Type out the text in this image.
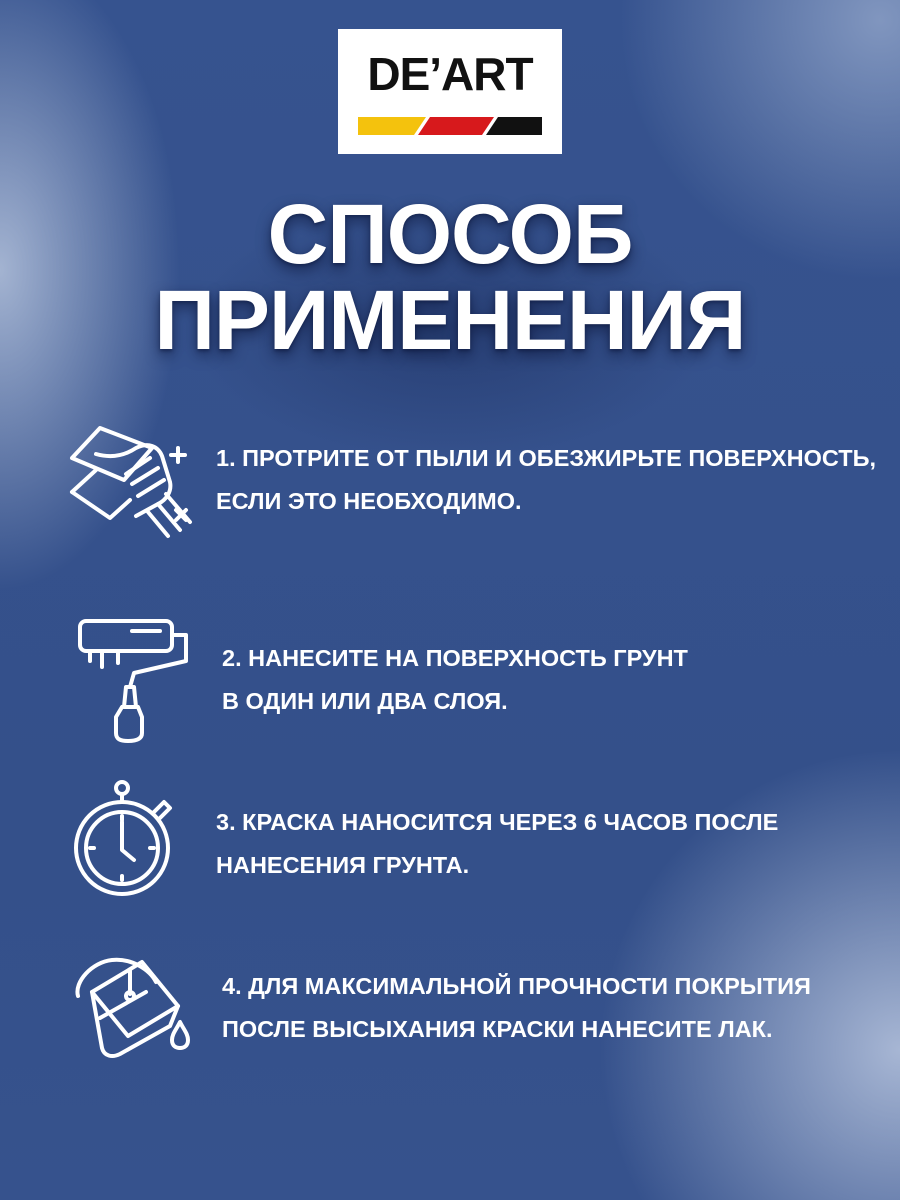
DE’ART
СПОСОБ
ПРИМЕНЕНИЯ
1. ПРОТРИТЕ ОТ ПЫЛИ И ОБЕЗЖИРЬТЕ ПОВЕРХНОСТЬ,
ЕСЛИ ЭТО НЕОБХОДИМО.
2. НАНЕСИТЕ НА ПОВЕРХНОСТЬ ГРУНТ
В ОДИН ИЛИ ДВА СЛОЯ.
3. КРАСКА НАНОСИТСЯ ЧЕРЕЗ 6 ЧАСОВ ПОСЛЕ
НАНЕСЕНИЯ ГРУНТА.
4. ДЛЯ МАКСИМАЛЬНОЙ ПРОЧНОСТИ ПОКРЫТИЯ
ПОСЛЕ ВЫСЫХАНИЯ КРАСКИ НАНЕСИТЕ ЛАК.
